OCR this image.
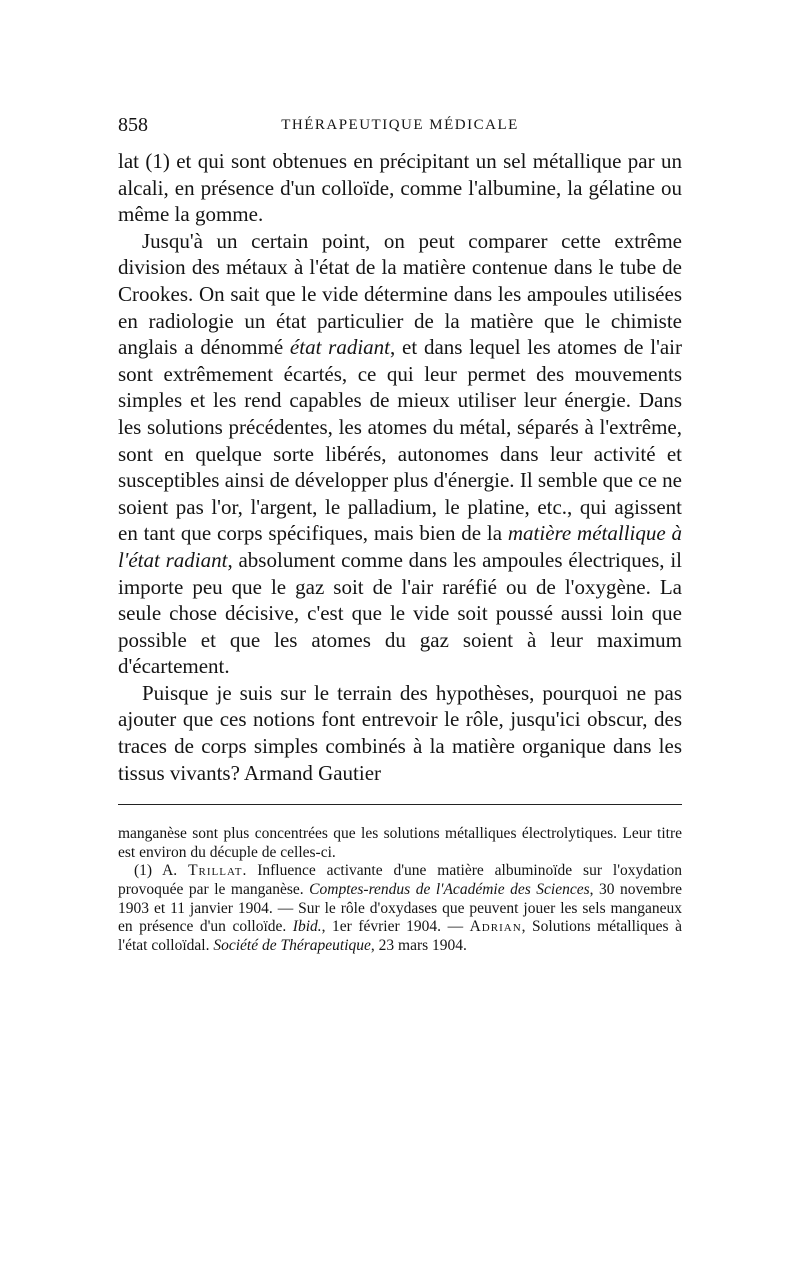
858	THÉRAPEUTIQUE MÉDICALE

lat (1) et qui sont obtenues en précipitant un sel métallique par un alcali, en présence d'un colloïde, comme l'albumine, la gélatine ou même la gomme.

Jusqu'à un certain point, on peut comparer cette extrême division des métaux à l'état de la matière contenue dans le tube de Crookes. On sait que le vide détermine dans les ampoules utilisées en radiologie un état particulier de la matière que le chimiste anglais a dénommé état radiant, et dans lequel les atomes de l'air sont extrêmement écartés, ce qui leur permet des mouvements simples et les rend capables de mieux utiliser leur énergie. Dans les solutions précédentes, les atomes du métal, séparés à l'extrême, sont en quelque sorte libérés, autonomes dans leur activité et susceptibles ainsi de développer plus d'énergie. Il semble que ce ne soient pas l'or, l'argent, le palladium, le platine, etc., qui agissent en tant que corps spécifiques, mais bien de la matière métallique à l'état radiant, absolument comme dans les ampoules électriques, il importe peu que le gaz soit de l'air raréfié ou de l'oxygène. La seule chose décisive, c'est que le vide soit poussé aussi loin que possible et que les atomes du gaz soient à leur maximum d'écartement.

Puisque je suis sur le terrain des hypothèses, pourquoi ne pas ajouter que ces notions font entrevoir le rôle, jusqu'ici obscur, des traces de corps simples combinés à la matière organique dans les tissus vivants? Armand Gautier

manganèse sont plus concentrées que les solutions métalliques électrolytiques. Leur titre est environ du décuple de celles-ci.

(1) A. Trillat. Influence activante d'une matière albuminoïde sur l'oxydation provoquée par le manganèse. Comptes-rendus de l'Académie des Sciences, 30 novembre 1903 et 11 janvier 1904. — Sur le rôle d'oxydases que peuvent jouer les sels manganeux en présence d'un colloïde. Ibid., 1er février 1904. — Adrian, Solutions métalliques à l'état colloïdal. Société de Thérapeutique, 23 mars 1904.
